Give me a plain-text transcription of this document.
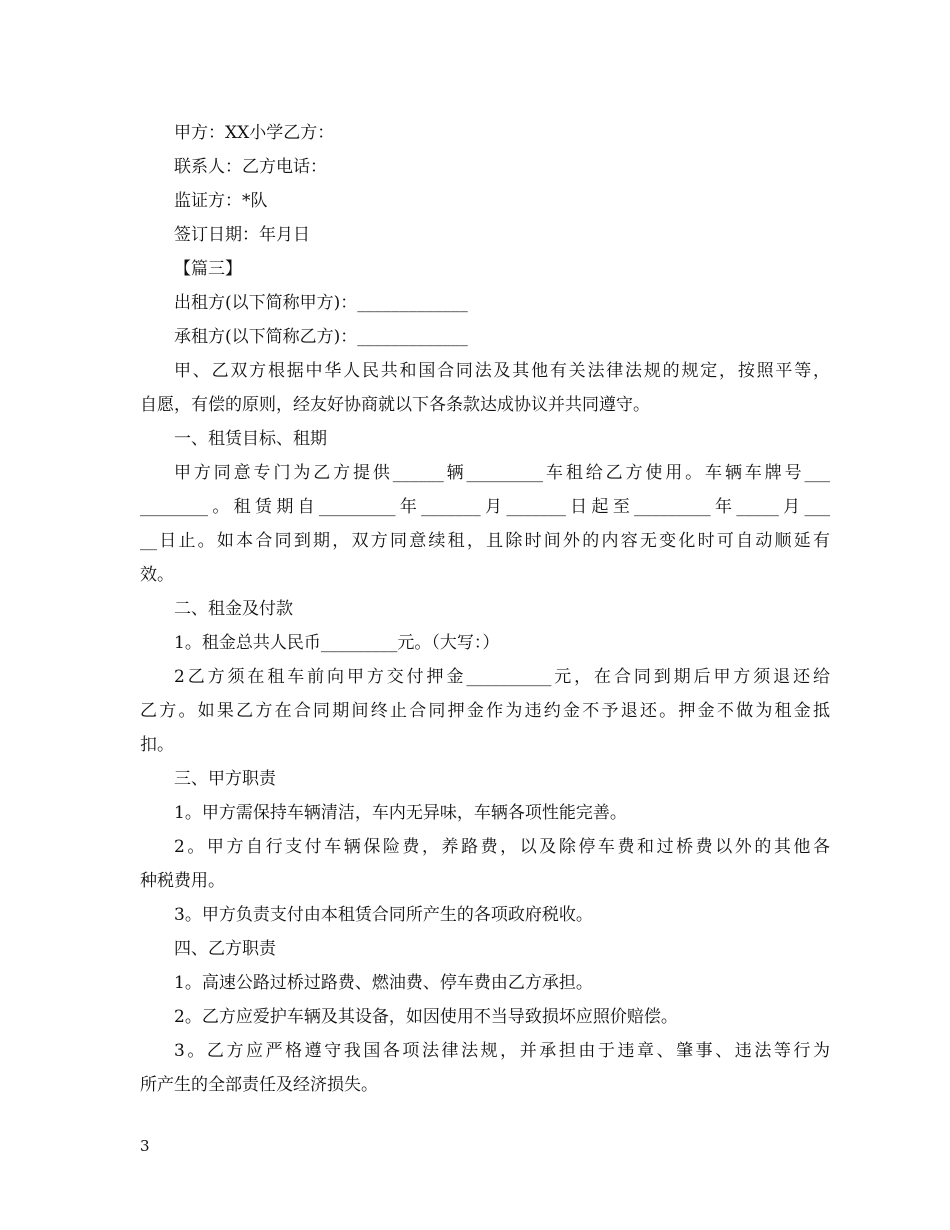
甲方：XX小学乙方：
联系人：乙方电话：
监证方：*队
签订日期：年月日
【篇三】
出租方(以下简称甲方)：_____________
承租方(以下简称乙方)：_____________
甲、乙双方根据中华人民共和国合同法及其他有关法律法规的规定，按照平等，
自愿，有偿的原则，经友好协商就以下各条款达成协议并共同遵守。
一、租赁目标、租期
甲方同意专门为乙方提供______辆_________车租给乙方使用。车辆车牌号___
________。租赁期自_________年_______月_______日起至_________年_____月___
__日止。如本合同到期，双方同意续租，且除时间外的内容无变化时可自动顺延有
效。
二、租金及付款
1。租金总共人民币_________元。（大写：）
2乙方须在租车前向甲方交付押金__________元，在合同到期后甲方须退还给
乙方。如果乙方在合同期间终止合同押金作为违约金不予退还。押金不做为租金抵
扣。
三、甲方职责
1。甲方需保持车辆清洁，车内无异味，车辆各项性能完善。
2。甲方自行支付车辆保险费，养路费，以及除停车费和过桥费以外的其他各
种税费用。
3。甲方负责支付由本租赁合同所产生的各项政府税收。
四、乙方职责
1。高速公路过桥过路费、燃油费、停车费由乙方承担。
2。乙方应爱护车辆及其设备，如因使用不当导致损坏应照价赔偿。
3。乙方应严格遵守我国各项法律法规，并承担由于违章、肇事、违法等行为
所产生的全部责任及经济损失。
3
